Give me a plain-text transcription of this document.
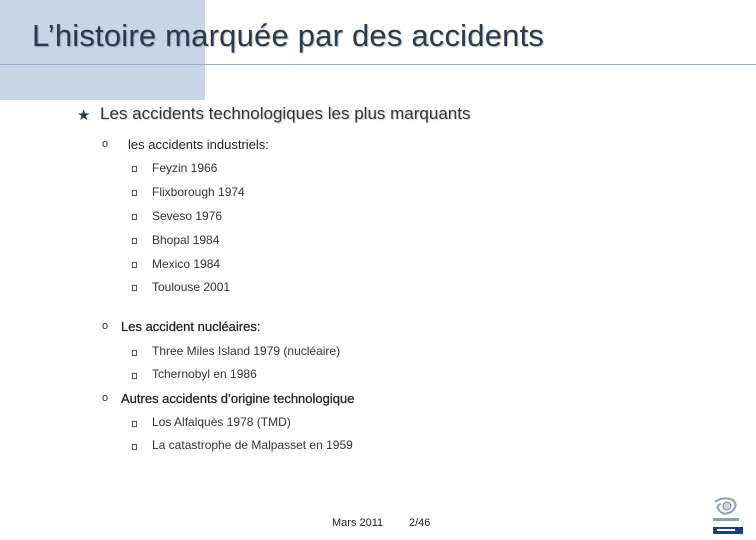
L’histoire marquée par des accidents
★ Les accidents technologiques les plus marquants
o les accidents industriels:
Feyzin 1966
Flixborough 1974
Seveso 1976
Bhopal 1984
Mexico 1984
Toulouse 2001
o Les accident nucléaires:
Three Miles Island 1979 (nucléaire)
Tchernobyl en 1986
o Autres accidents d’origine technologique
Los Alfalquès 1978 (TMD)
La catastrophe de Malpasset en 1959
Mars 2011 2/46
